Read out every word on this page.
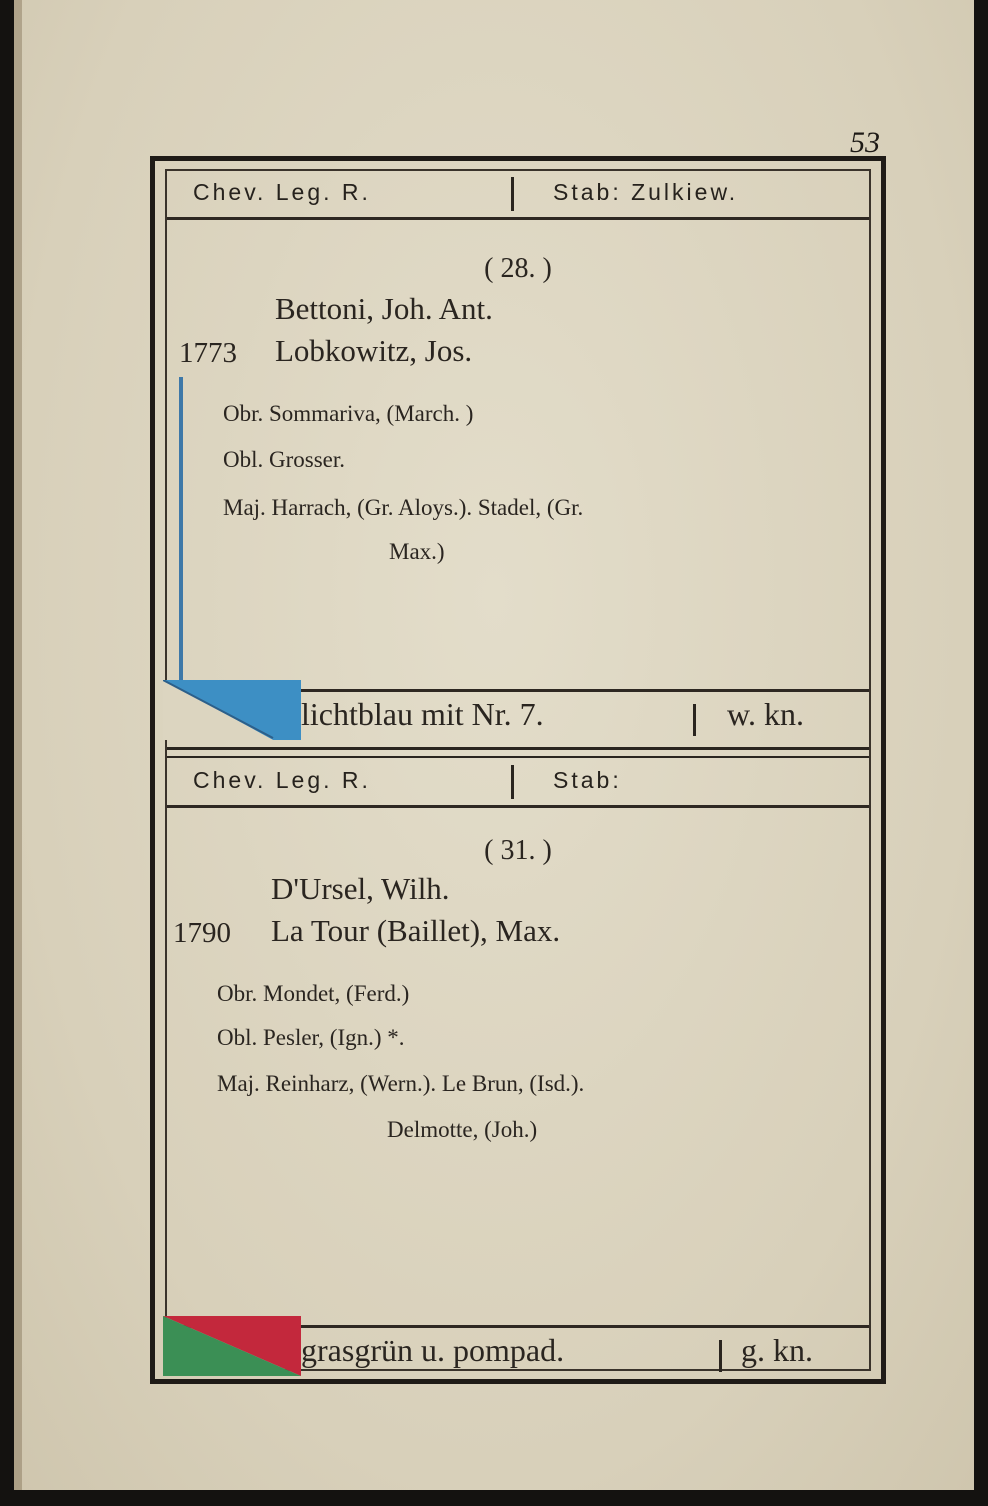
53
Chev. Leg. R.	Stab: Zulkiew.
( 28. )
Bettoni, Joh. Ant.
1773 Lobkowitz, Jos.
Obr. Sommariva, (March. )
Obl. Grosser.
Maj. Harrach, (Gr. Aloys.). Stadel, (Gr.
Max.)
lichtblau mit Nr. 7.	w. kn.
Chev. Leg. R.	Stab:
( 31. )
D'Ursel, Wilh.
1790 La Tour (Baillet), Max.
Obr. Mondet, (Ferd.)
Obl. Pesler, (Ign.) *.
Maj. Reinharz, (Wern.). Le Brun, (Isd.).
Delmotte, (Joh.)
grasgrün u. pompad.	g. kn.
